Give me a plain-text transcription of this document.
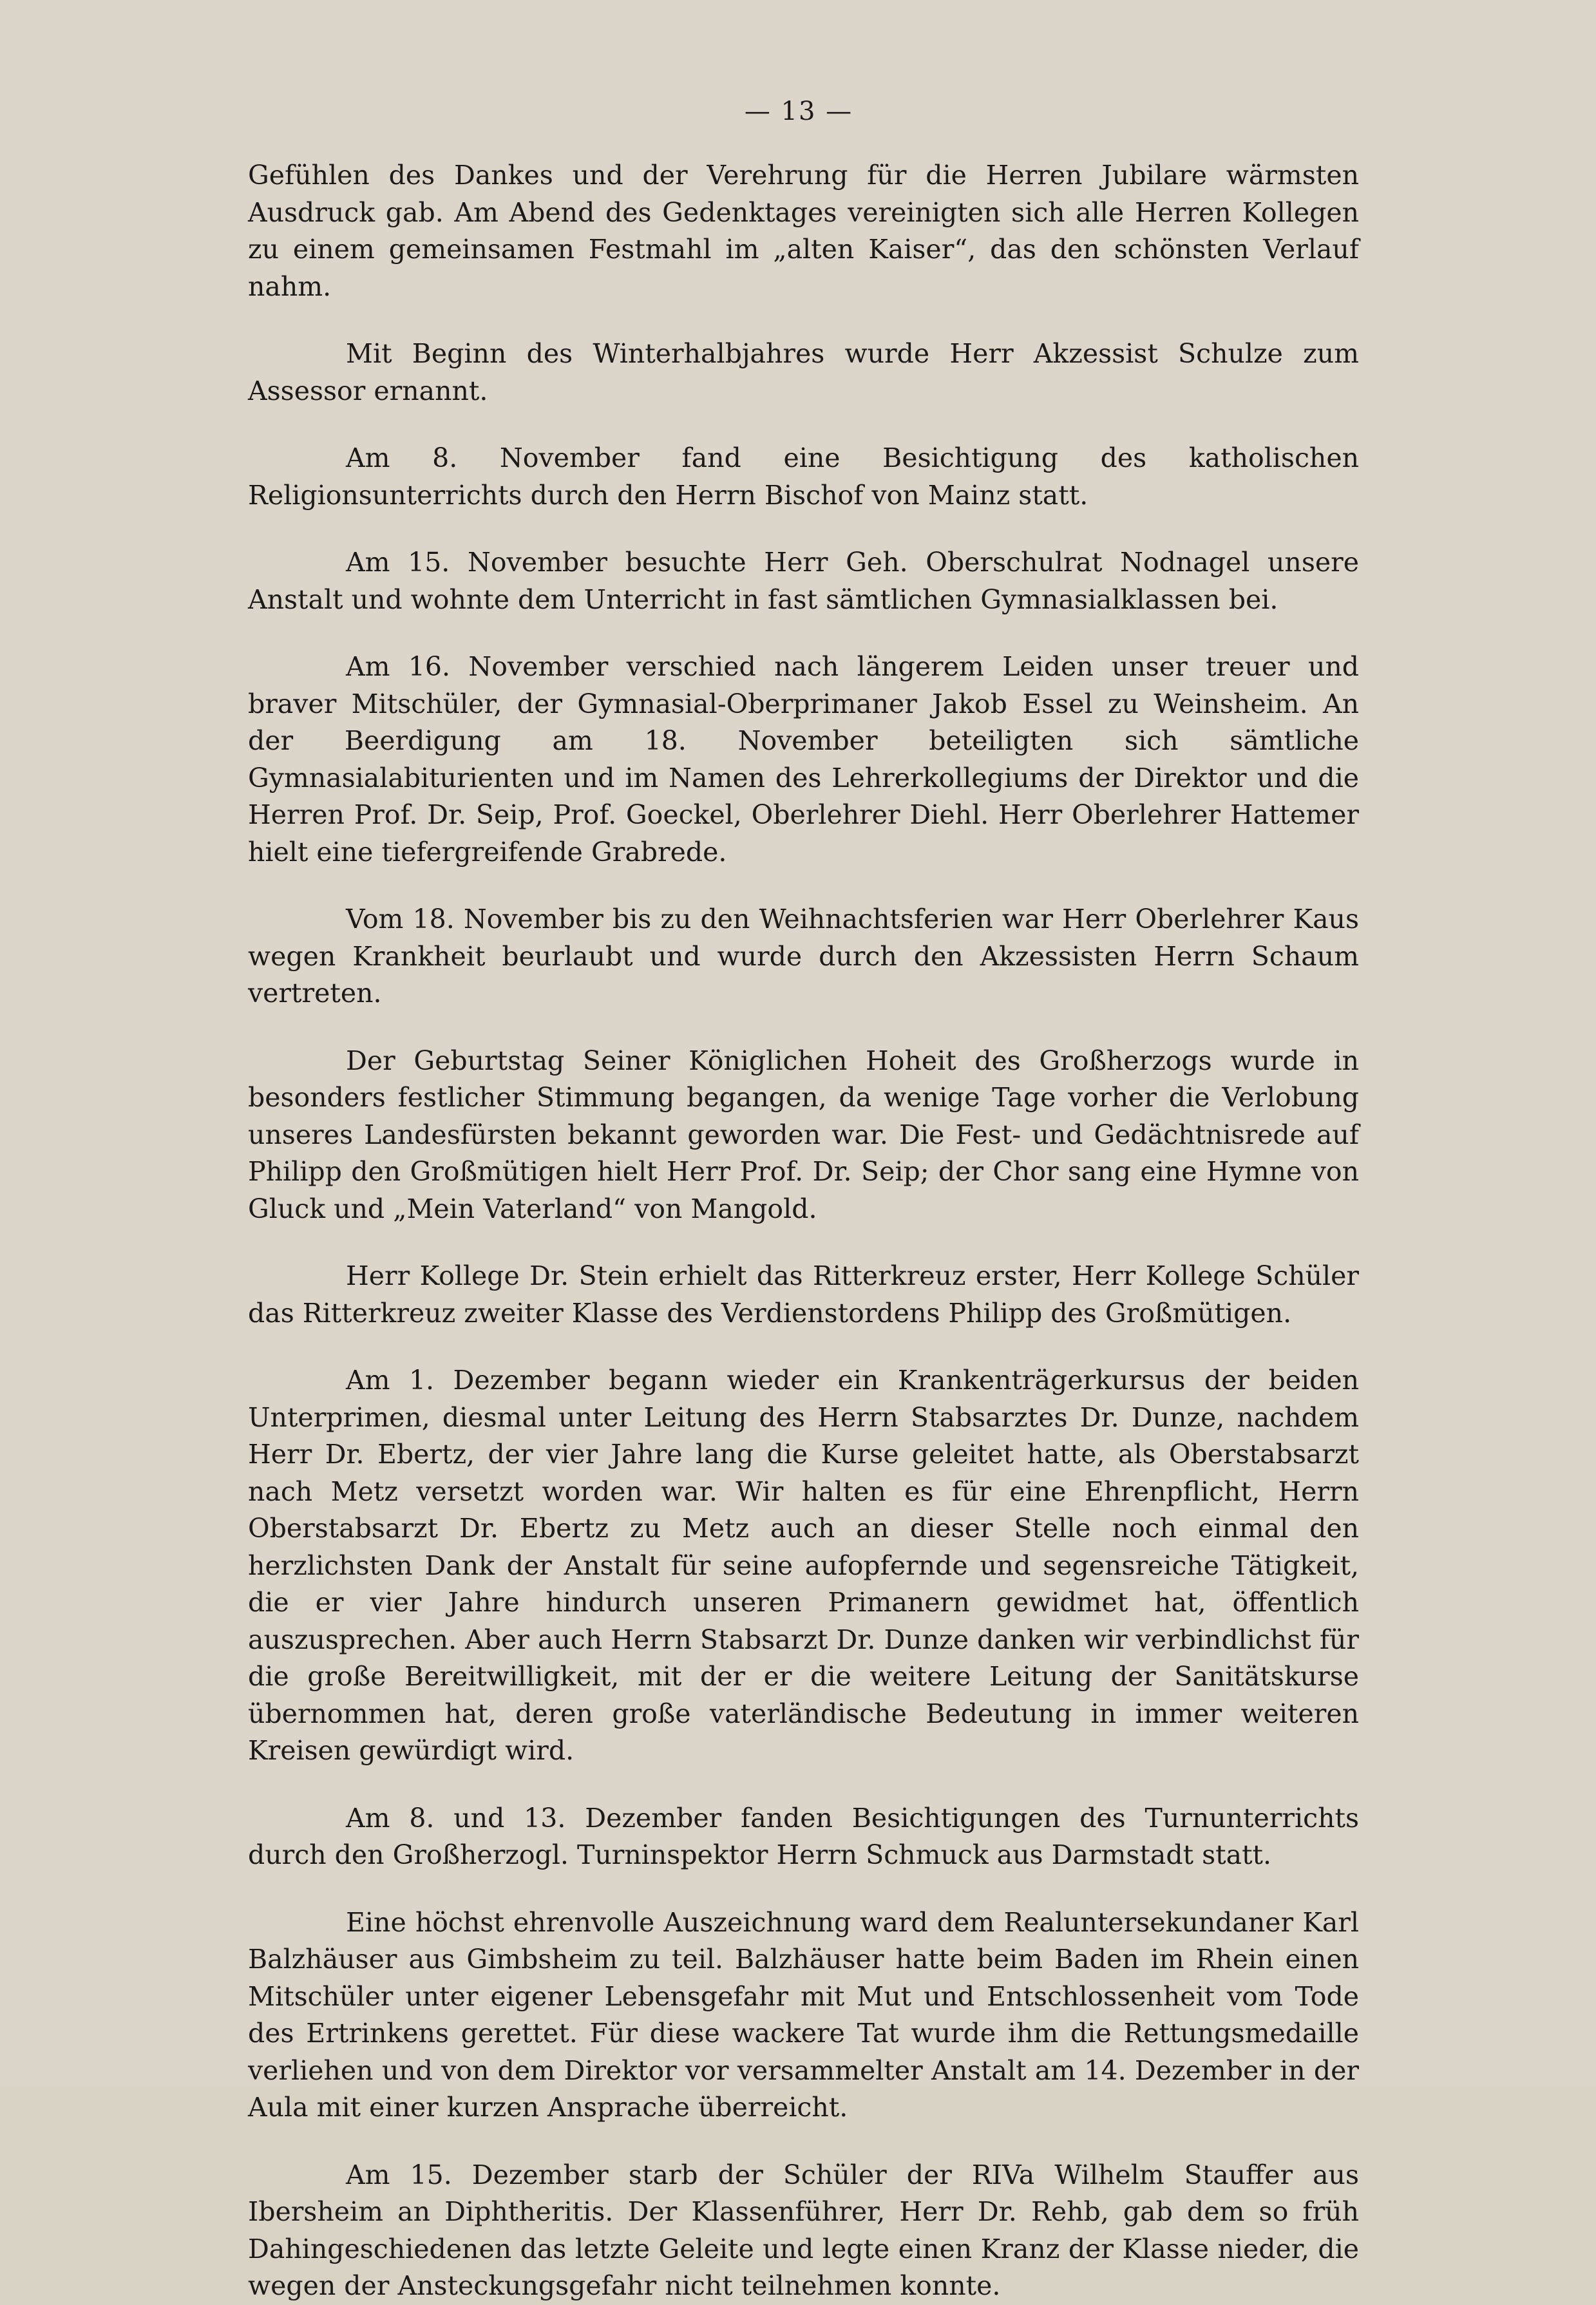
— 13 —

Gefühlen des Dankes und der Verehrung für die Herren Jubilare wärmsten Ausdruck gab. Am Abend des Gedenktages vereinigten sich alle Herren Kollegen zu einem gemeinsamen Festmahl im „alten Kaiser“, das den schönsten Verlauf nahm.

Mit Beginn des Winterhalbjahres wurde Herr Akzessist Schulze zum Assessor ernannt.

Am 8. November fand eine Besichtigung des katholischen Religionsunterrichts durch den Herrn Bischof von Mainz statt.

Am 15. November besuchte Herr Geh. Oberschulrat Nodnagel unsere Anstalt und wohnte dem Unterricht in fast sämtlichen Gymnasialklassen bei.

Am 16. November verschied nach längerem Leiden unser treuer und braver Mitschüler, der Gymnasial-Oberprimaner Jakob Essel zu Weinsheim. An der Beerdigung am 18. November beteiligten sich sämtliche Gymnasialabiturienten und im Namen des Lehrerkollegiums der Direktor und die Herren Prof. Dr. Seip, Prof. Goeckel, Oberlehrer Diehl. Herr Oberlehrer Hattemer hielt eine tiefergreifende Grabrede.

Vom 18. November bis zu den Weihnachtsferien war Herr Oberlehrer Kaus wegen Krankheit beurlaubt und wurde durch den Akzessisten Herrn Schaum vertreten.

Der Geburtstag Seiner Königlichen Hoheit des Großherzogs wurde in besonders festlicher Stimmung begangen, da wenige Tage vorher die Verlobung unseres Landesfürsten bekannt geworden war. Die Fest- und Gedächtnisrede auf Philipp den Großmütigen hielt Herr Prof. Dr. Seip; der Chor sang eine Hymne von Gluck und „Mein Vaterland“ von Mangold.

Herr Kollege Dr. Stein erhielt das Ritterkreuz erster, Herr Kollege Schüler das Ritterkreuz zweiter Klasse des Verdienstordens Philipp des Großmütigen.

Am 1. Dezember begann wieder ein Krankenträgerkursus der beiden Unterprimen, diesmal unter Leitung des Herrn Stabsarztes Dr. Dunze, nachdem Herr Dr. Ebertz, der vier Jahre lang die Kurse geleitet hatte, als Oberstabsarzt nach Metz versetzt worden war. Wir halten es für eine Ehrenpflicht, Herrn Oberstabsarzt Dr. Ebertz zu Metz auch an dieser Stelle noch einmal den herzlichsten Dank der Anstalt für seine aufopfernde und segensreiche Tätigkeit, die er vier Jahre hindurch unseren Primanern gewidmet hat, öffentlich auszusprechen. Aber auch Herrn Stabsarzt Dr. Dunze danken wir verbindlichst für die große Bereitwilligkeit, mit der er die weitere Leitung der Sanitätskurse übernommen hat, deren große vaterländische Bedeutung in immer weiteren Kreisen gewürdigt wird.

Am 8. und 13. Dezember fanden Besichtigungen des Turnunterrichts durch den Großherzogl. Turninspektor Herrn Schmuck aus Darmstadt statt.

Eine höchst ehrenvolle Auszeichnung ward dem Realuntersekundaner Karl Balzhäuser aus Gimbsheim zu teil. Balzhäuser hatte beim Baden im Rhein einen Mitschüler unter eigener Lebensgefahr mit Mut und Entschlossenheit vom Tode des Ertrinkens gerettet. Für diese wackere Tat wurde ihm die Rettungsmedaille verliehen und von dem Direktor vor versammelter Anstalt am 14. Dezember in der Aula mit einer kurzen Ansprache überreicht.

Am 15. Dezember starb der Schüler der RIVa Wilhelm Stauffer aus Ibersheim an Diphtheritis. Der Klassenführer, Herr Dr. Rehb, gab dem so früh Dahingeschiedenen das letzte Geleite und legte einen Kranz der Klasse nieder, die wegen der Ansteckungsgefahr nicht teilnehmen konnte.
